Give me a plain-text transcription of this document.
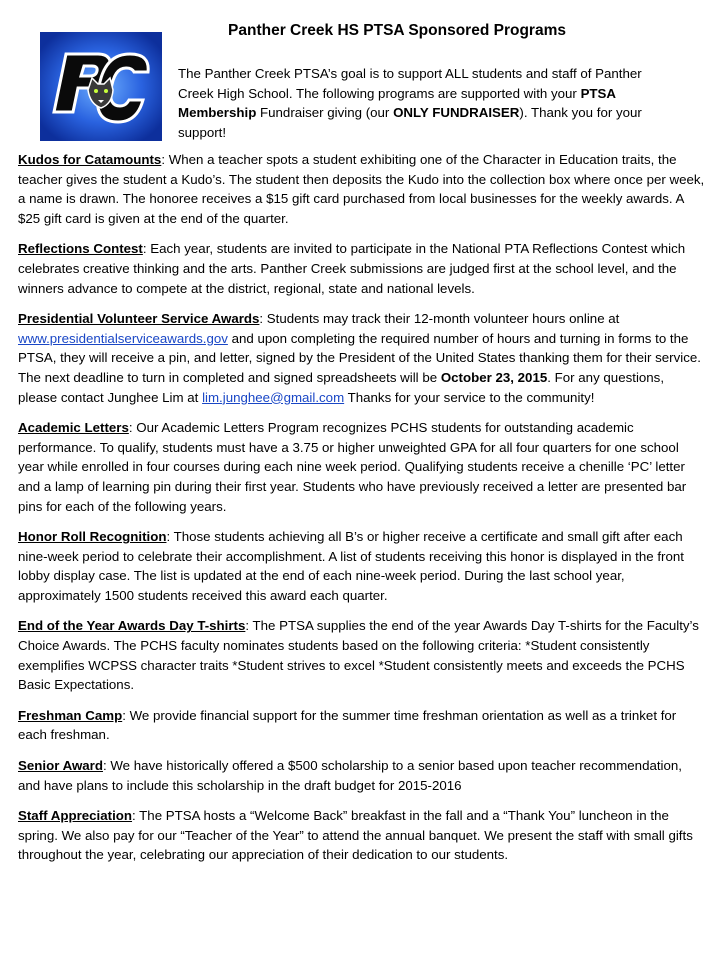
Panther Creek HS PTSA Sponsored Programs
The Panther Creek PTSA’s goal is to support ALL students and staff of Panther Creek High School. The following programs are supported with your PTSA Membership Fundraiser giving (our ONLY FUNDRAISER). Thank you for your support!

Kudos for Catamounts: When a teacher spots a student exhibiting one of the Character in Education traits, the teacher gives the student a Kudo’s. The student then deposits the Kudo into the collection box where once per week, a name is drawn. The honoree receives a $15 gift card purchased from local businesses for the weekly awards. A $25 gift card is given at the end of the quarter.

Reflections Contest: Each year, students are invited to participate in the National PTA Reflections Contest which celebrates creative thinking and the arts. Panther Creek submissions are judged first at the school level, and the winners advance to compete at the district, regional, state and national levels.

Presidential Volunteer Service Awards: Students may track their 12-month volunteer hours online at www.presidentialserviceawards.gov and upon completing the required number of hours and turning in forms to the PTSA, they will receive a pin, and letter, signed by the President of the United States thanking them for their service. The next deadline to turn in completed and signed spreadsheets will be October 23, 2015. For any questions, please contact Junghee Lim at lim.junghee@gmail.com Thanks for your service to the community!

Academic Letters: Our Academic Letters Program recognizes PCHS students for outstanding academic performance. To qualify, students must have a 3.75 or higher unweighted GPA for all four quarters for one school year while enrolled in four courses during each nine week period. Qualifying students receive a chenille ‘PC’ letter and a lamp of learning pin during their first year. Students who have previously received a letter are presented bar pins for each of the following years.

Honor Roll Recognition: Those students achieving all B’s or higher receive a certificate and small gift after each nine-week period to celebrate their accomplishment. A list of students receiving this honor is displayed in the front lobby display case. The list is updated at the end of each nine-week period. During the last school year, approximately 1500 students received this award each quarter.

End of the Year Awards Day T-shirts: The PTSA supplies the end of the year Awards Day T-shirts for the Faculty’s Choice Awards. The PCHS faculty nominates students based on the following criteria: *Student consistently exemplifies WCPSS character traits *Student strives to excel *Student consistently meets and exceeds the PCHS Basic Expectations.

Freshman Camp: We provide financial support for the summer time freshman orientation as well as a trinket for each freshman.

Senior Award: We have historically offered a $500 scholarship to a senior based upon teacher recommendation, and have plans to include this scholarship in the draft budget for 2015-2016

Staff Appreciation: The PTSA hosts a “Welcome Back” breakfast in the fall and a “Thank You” luncheon in the spring. We also pay for our “Teacher of the Year” to attend the annual banquet. We present the staff with small gifts throughout the year, celebrating our appreciation of their dedication to our students.
